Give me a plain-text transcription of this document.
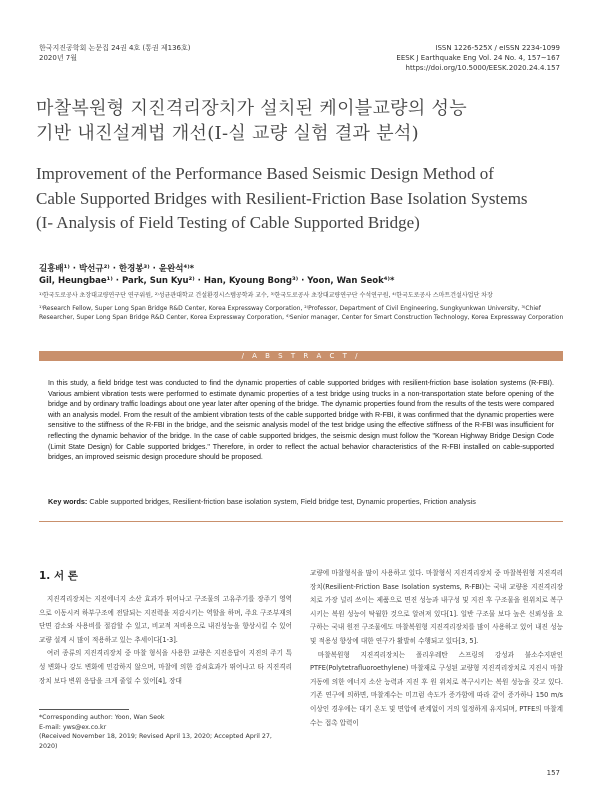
한국지진공학회 논문집 24권 4호 (통권 제136호)
2020년 7월
ISSN 1226-525X / eISSN 2234-1099
EESK J Earthquake Eng Vol. 24 No. 4, 157~167
https://doi.org/10.5000/EESK.2020.24.4.157
마찰복원형 지진격리장치가 설치된 케이블교량의 성능
기반 내진설계법 개선(I-실 교량 실험 결과 분석)
Improvement of the Performance Based Seismic Design Method of
Cable Supported Bridges with Resilient-Friction Base Isolation Systems
(I- Analysis of Field Testing of Cable Supported Bridge)
길흥배¹⁾ · 박선규²⁾ · 한경봉³⁾ · 윤완석⁴⁾*
Gil, Heungbae¹⁾ · Park, Sun Kyu²⁾ · Han, Kyoung Bong³⁾ · Yoon, Wan Seok⁴⁾*
¹⁾한국도로공사 초장대교량연구단 연구위원, ²⁾성균관대학교 건설환경시스템공학과 교수, ³⁾한국도로공사 초장대교량연구단 수석연구원, ⁴⁾한국도로공사 스마트건설사업단 차장
¹⁾Research Fellow, Super Long Span Bridge R&D Center, Korea Expressway Corporation, ²⁾Professor, Department of Civil Engineering, Sungkyunkwan University, ³⁾Chief Researcher, Super Long Span Bridge R&D Center, Korea Expressway Corporation, ⁴⁾Senior manager, Center for Smart Construction Technology, Korea Expressway Corporation
/ A B S T R A C T /
In this study, a field bridge test was conducted to find the dynamic properties of cable supported bridges with resilient-friction base isolation systems (R-FBI). Various ambient vibration tests were performed to estimate dynamic properties of a test bridge using trucks in a non-transportation state before opening of the bridge and by ordinary traffic loadings about one year later after opening of the bridge. The dynamic properties found from the results of the tests were compared with an analysis model. From the result of the ambient vibration tests of the cable supported bridge with R-FBI, it was confirmed that the dynamic properties were sensitive to the stiffness of the R-FBI in the bridge, and the seismic analysis model of the test bridge using the effective stiffness of the R-FBI was insufficient for reflecting the dynamic behavior of the bridge. In the case of cable supported bridges, the seismic design must follow the "Korean Highway Bridge Design Code (Limit State Design) for Cable supported bridges." Therefore, in order to reflect the actual behavior characteristics of the R-FBI installed on cable-supported bridges, an improved seismic design procedure should be proposed.
Key words: Cable supported bridges, Resilient-friction base isolation system, Field bridge test, Dynamic properties, Friction analysis
1. 서 론

지진격리장치는 지진에너지 소산 효과가 뛰어나고 구조물의 고유주기를 장주기 영역으로 이동시켜 하부구조에 전달되는 지진력을 저감시키는 역할을 하며, 주요 구조부재의 단면 감소와 사용비를 절감할 수 있고, 비교적 저비용으로 내진성능을 향상시킬 수 있어 교량 설계 시 많이 적용하고 있는 추세이다[1-3].

여러 종류의 지진격리장치 중 마찰 형식을 사용한 교량은 지진응답이 지진의 주기 특성 변화나 강도 변화에 민감하지 않으며, 마찰에 의한 감쇠효과가 뛰어나고 타 지진격리장치 보다 변위 응답을 크게 줄일 수 있어[4], 장대

교량에 마찰형식을 많이 사용하고 있다. 마찰형식 지진격리장치 중 마찰복원형 지진격리장치(Resilient-Friction Base Isolation systems, R-FBI)는 국내 교량용 지진격리장치로 가장 널리 쓰이는 제품으로 면진 성능과 내구성 및 지진 후 구조물을 원위치로 복구시키는 복원 성능이 탁월한 것으로 알려져 있다[1]. 일반 구조물 보다 높은 신뢰성을 요구하는 국내 원전 구조물에도 마찰복원형 지진격리장치를 많이 사용하고 있어 내진 성능 및 적용성 향상에 대한 연구가 활발히 수행되고 있다[3, 5].

마찰복원형 지진격리장치는 폴리우레탄 스프링의 강성과 불소수지판인 PTFE(Polytetrafluoroethylene) 마찰재로 구성된 교량형 지진격리장치로 지진시 마찰거동에 의한 에너지 소산 능력과 지진 후 원 위치로 복구시키는 복원 성능을 갖고 있다. 기존 연구에 의하면, 마찰계수는 미끄럼 속도가 증가함에 따라 같이 증가하나 150 m/s 이상인 경우에는 대기 온도 및 면압에 관계없이 거의 일정하게 유지되며, PTFE의 마찰계수는 접촉 압력이

*Corresponding author: Yoon, Wan Seok
E-mail: yws@ex.co.kr
(Received November 18, 2019; Revised April 13, 2020; Accepted April 27, 2020)
157
